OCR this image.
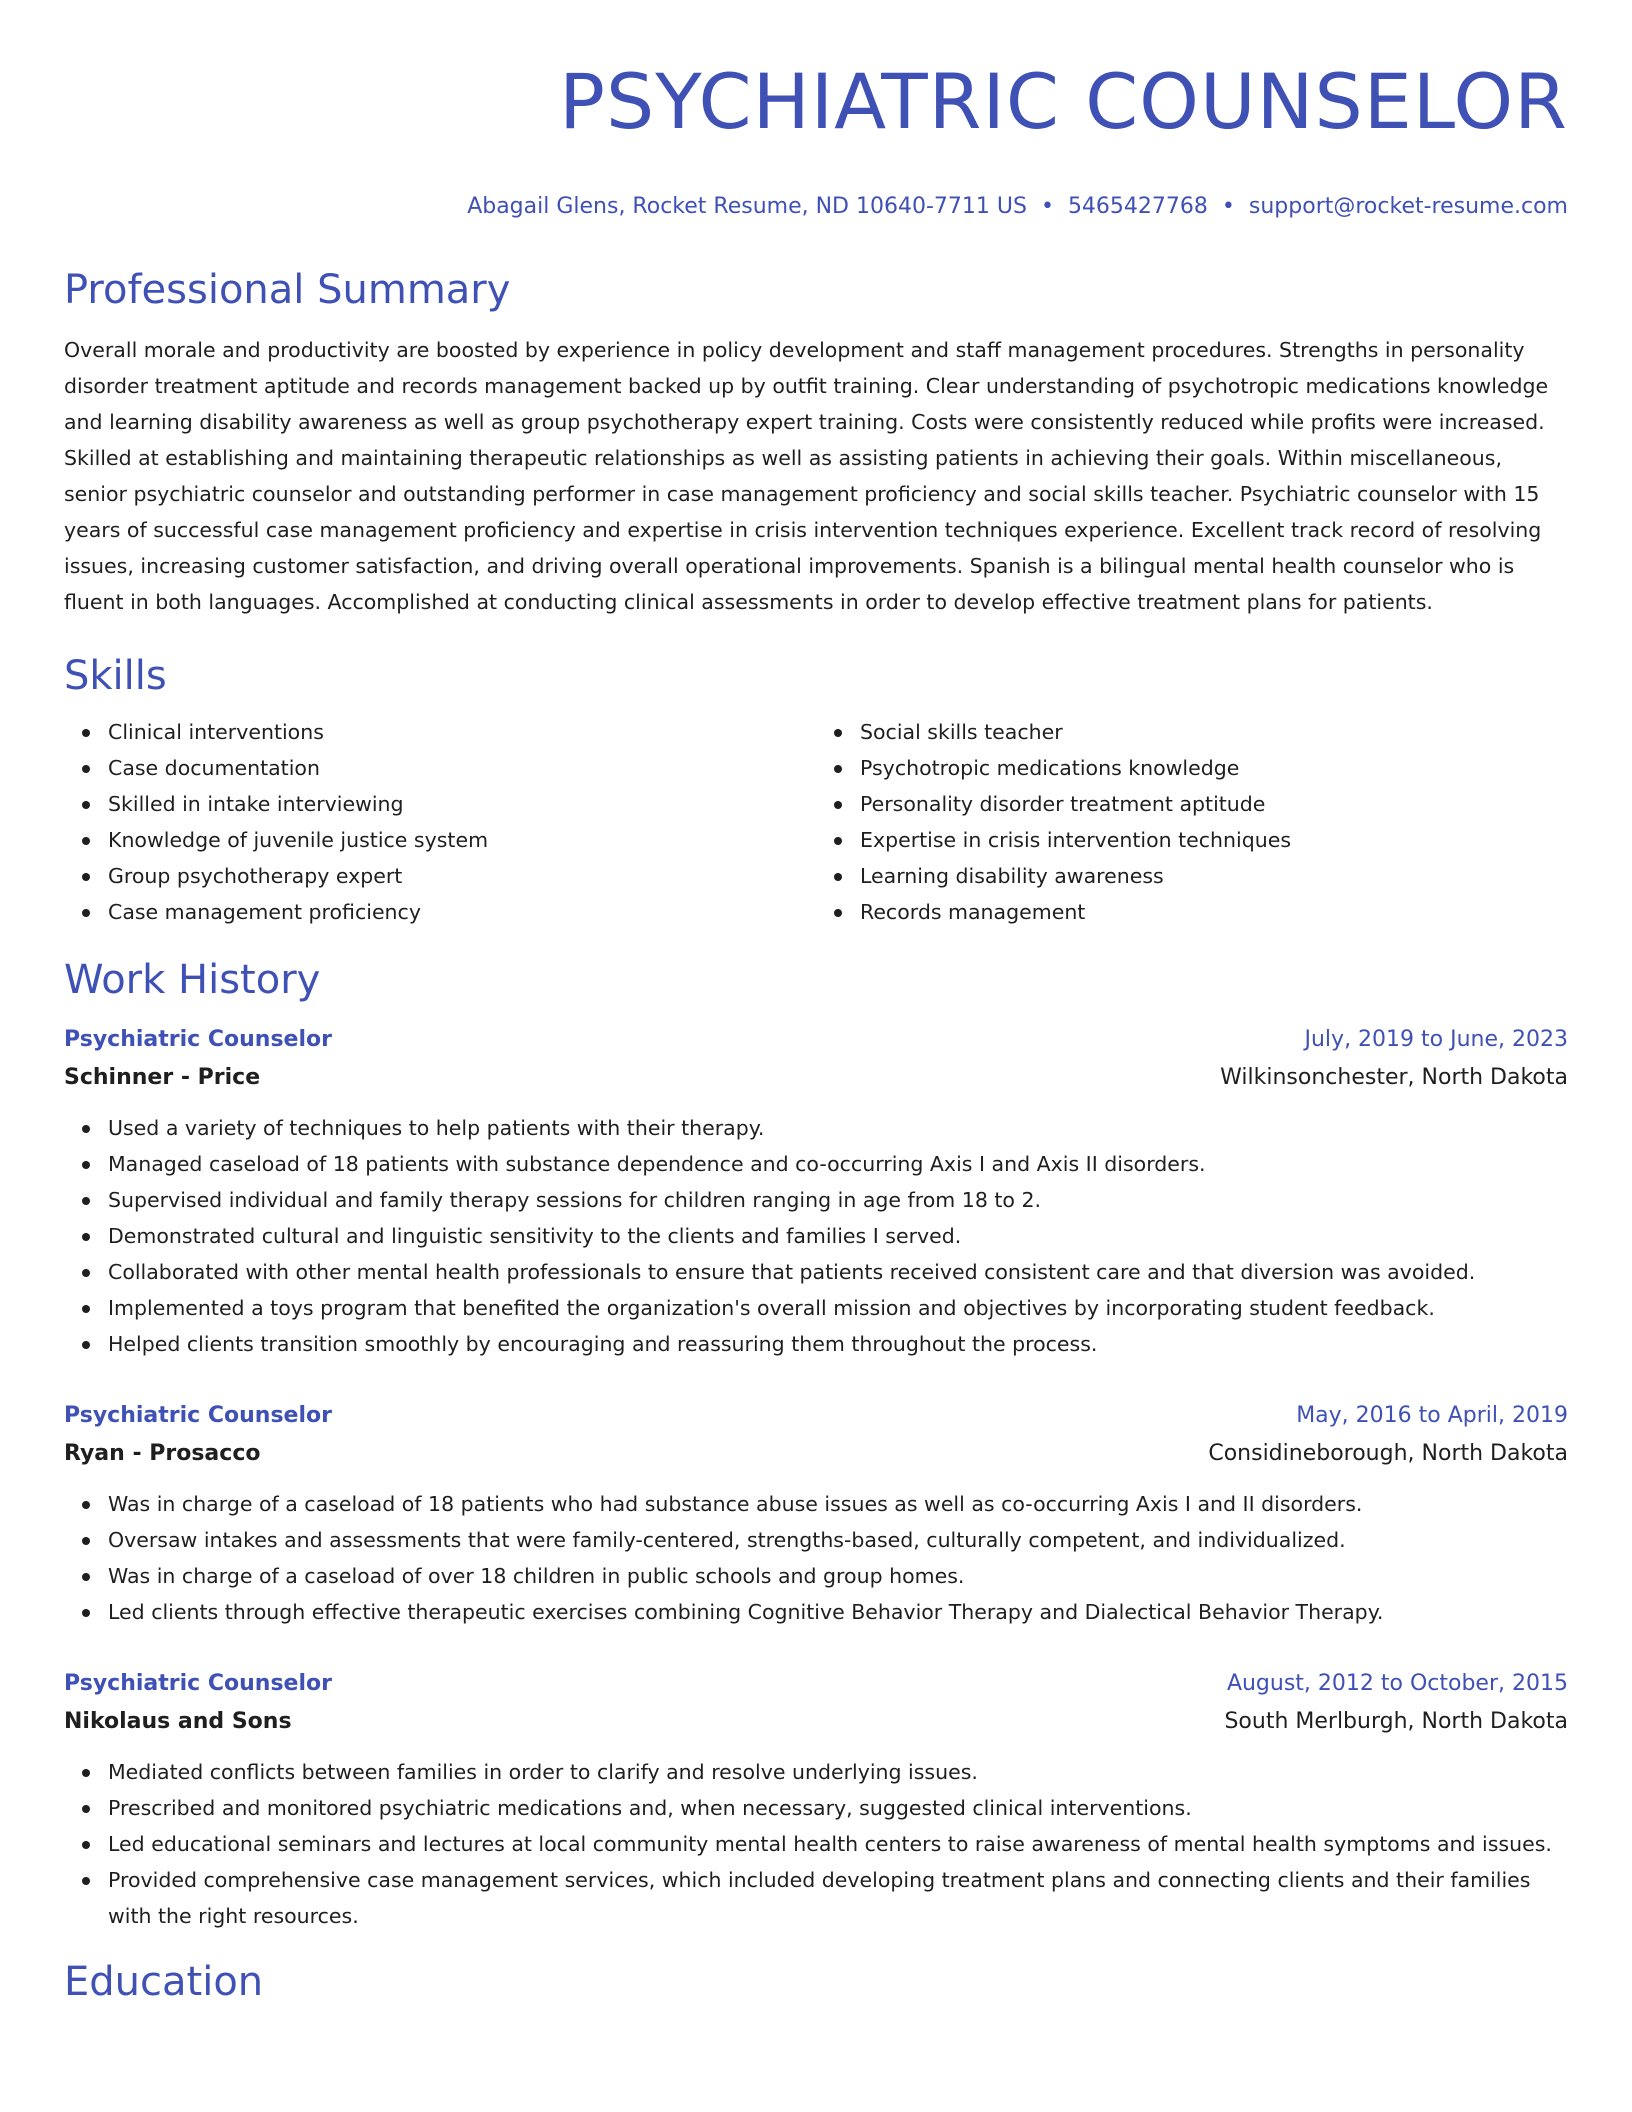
PSYCHIATRIC COUNSELOR
Abagail Glens, Rocket Resume, ND 10640-7711 US • 5465427768 • support@rocket-resume.com
Professional Summary
Overall morale and productivity are boosted by experience in policy development and staff management procedures. Strengths in personality disorder treatment aptitude and records management backed up by outfit training. Clear understanding of psychotropic medications knowledge and learning disability awareness as well as group psychotherapy expert training. Costs were consistently reduced while profits were increased. Skilled at establishing and maintaining therapeutic relationships as well as assisting patients in achieving their goals. Within miscellaneous, senior psychiatric counselor and outstanding performer in case management proficiency and social skills teacher. Psychiatric counselor with 15 years of successful case management proficiency and expertise in crisis intervention techniques experience. Excellent track record of resolving issues, increasing customer satisfaction, and driving overall operational improvements. Spanish is a bilingual mental health counselor who is fluent in both languages. Accomplished at conducting clinical assessments in order to develop effective treatment plans for patients.
Skills
Clinical interventions
Case documentation
Skilled in intake interviewing
Knowledge of juvenile justice system
Group psychotherapy expert
Case management proficiency
Social skills teacher
Psychotropic medications knowledge
Personality disorder treatment aptitude
Expertise in crisis intervention techniques
Learning disability awareness
Records management
Work History
Psychiatric Counselor	July, 2019 to June, 2023
Schinner - Price	Wilkinsonchester, North Dakota
Used a variety of techniques to help patients with their therapy.
Managed caseload of 18 patients with substance dependence and co-occurring Axis I and Axis II disorders.
Supervised individual and family therapy sessions for children ranging in age from 18 to 2.
Demonstrated cultural and linguistic sensitivity to the clients and families I served.
Collaborated with other mental health professionals to ensure that patients received consistent care and that diversion was avoided.
Implemented a toys program that benefited the organization's overall mission and objectives by incorporating student feedback.
Helped clients transition smoothly by encouraging and reassuring them throughout the process.
Psychiatric Counselor	May, 2016 to April, 2019
Ryan - Prosacco	Considineborough, North Dakota
Was in charge of a caseload of 18 patients who had substance abuse issues as well as co-occurring Axis I and II disorders.
Oversaw intakes and assessments that were family-centered, strengths-based, culturally competent, and individualized.
Was in charge of a caseload of over 18 children in public schools and group homes.
Led clients through effective therapeutic exercises combining Cognitive Behavior Therapy and Dialectical Behavior Therapy.
Psychiatric Counselor	August, 2012 to October, 2015
Nikolaus and Sons	South Merlburgh, North Dakota
Mediated conflicts between families in order to clarify and resolve underlying issues.
Prescribed and monitored psychiatric medications and, when necessary, suggested clinical interventions.
Led educational seminars and lectures at local community mental health centers to raise awareness of mental health symptoms and issues.
Provided comprehensive case management services, which included developing treatment plans and connecting clients and their families with the right resources.
Education
